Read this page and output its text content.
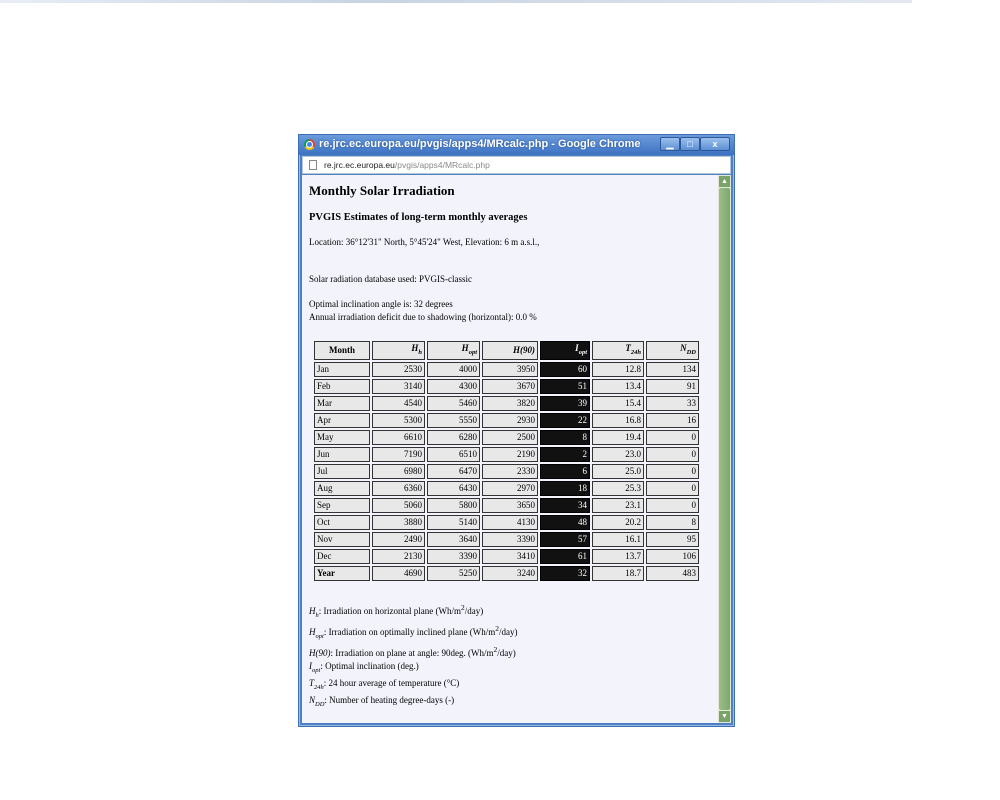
re.jrc.ec.europa.eu/pvgis/apps4/MRcalc.php - Google Chrome	▁	□	x
re.jrc.ec.europa.eu/pvgis/apps4/MRcalc.php
Monthly Solar Irradiation
PVGIS Estimates of long-term monthly averages
Location: 36°12'31" North, 5°45'24" West, Elevation: 6 m a.s.l.,
Solar radiation database used: PVGIS-classic
Optimal inclination angle is: 32 degrees
Annual irradiation deficit due to shadowing (horizontal): 0.0 %
Month	$H_h$	$H_{opt}$	H(90)	$I_{opt}$	$T_{24h}$	$N_{DD}$
Jan	2530	4000	3950	60	12.8	134
Feb	3140	4300	3670	51	13.4	91
Mar	4540	5460	3820	39	15.4	33
Apr	5300	5550	2930	22	16.8	16
May	6610	6280	2500	8	19.4	0
Jun	7190	6510	2190	2	23.0	0
Jul	6980	6470	2330	6	25.0	0
Aug	6360	6430	2970	18	25.3	0
Sep	5060	5800	3650	34	23.1	0
Oct	3880	5140	4130	48	20.2	8
Nov	2490	3640	3390	57	16.1	95
Dec	2130	3390	3410	61	13.7	106
Year	4690	5250	3240	32	18.7	483
$H_h$: Irradiation on horizontal plane $(Wh/m^2/day)$
$H_{opt}$: Irradiation on optimally inclined plane $(Wh/m^2/day)$
H(90): Irradiation on plane at angle: 90deg. $(Wh/m^2/day)$
$I_{opt}$: Optimal inclination (deg.)
$T_{24h}$: 24 hour average of temperature (°C)
$N_{DD}$: Number of heating degree-days (-)
▲
▼
